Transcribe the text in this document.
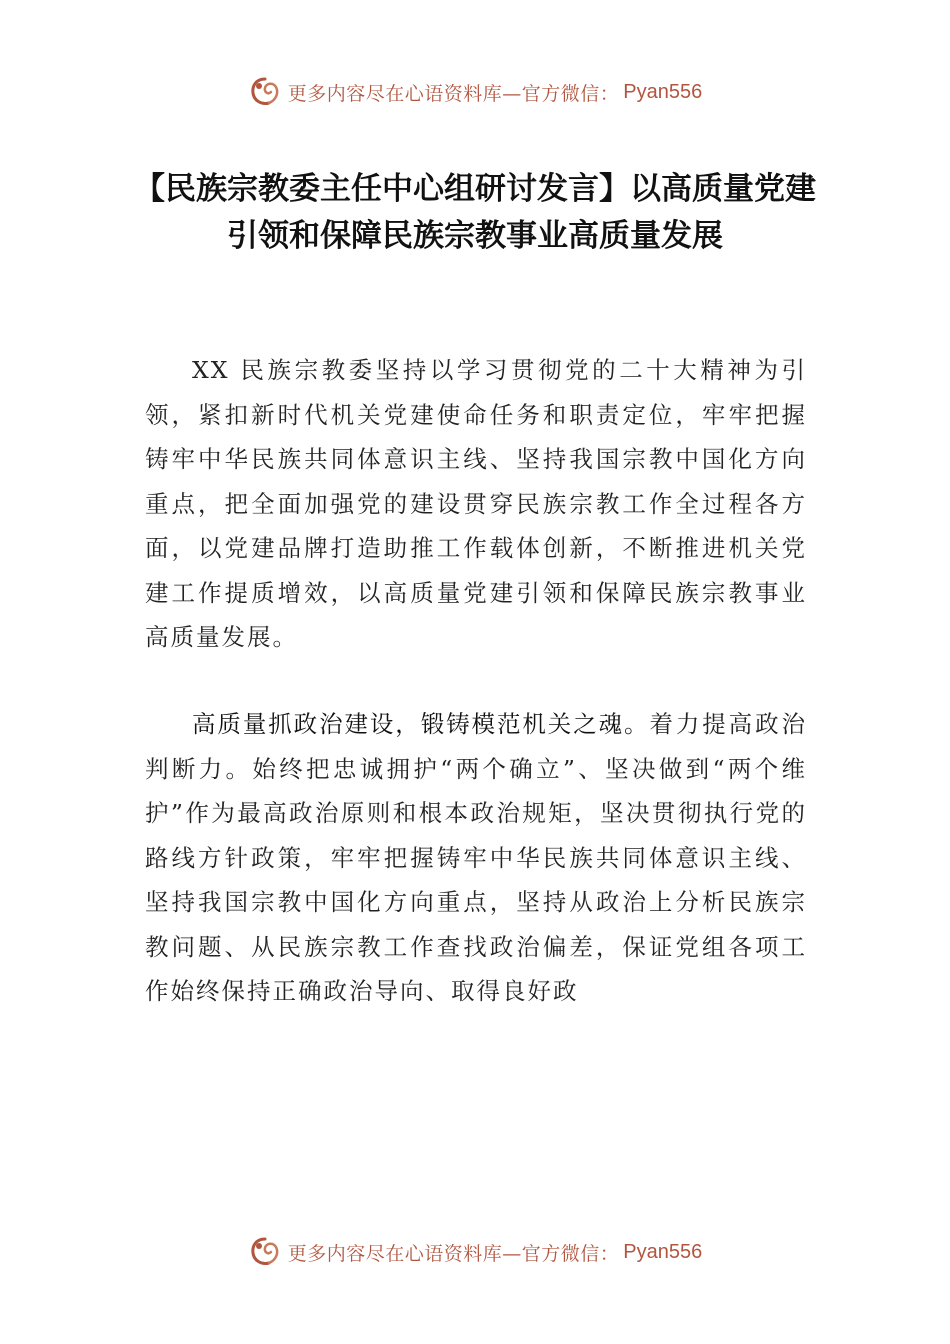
更多内容尽在心语资料库—官方微信： Pyan556
【民族宗教委主任中心组研讨发言】以高质量党建引领和保障民族宗教事业高质量发展

XX 民族宗教委坚持以学习贯彻党的二十大精神为引领，紧扣新时代机关党建使命任务和职责定位，牢牢把握铸牢中华民族共同体意识主线、坚持我国宗教中国化方向重点，把全面加强党的建设贯穿民族宗教工作全过程各方面，以党建品牌打造助推工作载体创新，不断推进机关党建工作提质增效，以高质量党建引领和保障民族宗教事业高质量发展。

高质量抓政治建设，锻铸模范机关之魂。着力提高政治判断力。始终把忠诚拥护“两个确立”、坚决做到“两个维护”作为最高政治原则和根本政治规矩，坚决贯彻执行党的路线方针政策，牢牢把握铸牢中华民族共同体意识主线、坚持我国宗教中国化方向重点，坚持从政治上分析民族宗教问题、从民族宗教工作查找政治偏差，保证党组各项工作始终保持正确政治导向、取得良好政

更多内容尽在心语资料库—官方微信： Pyan556
